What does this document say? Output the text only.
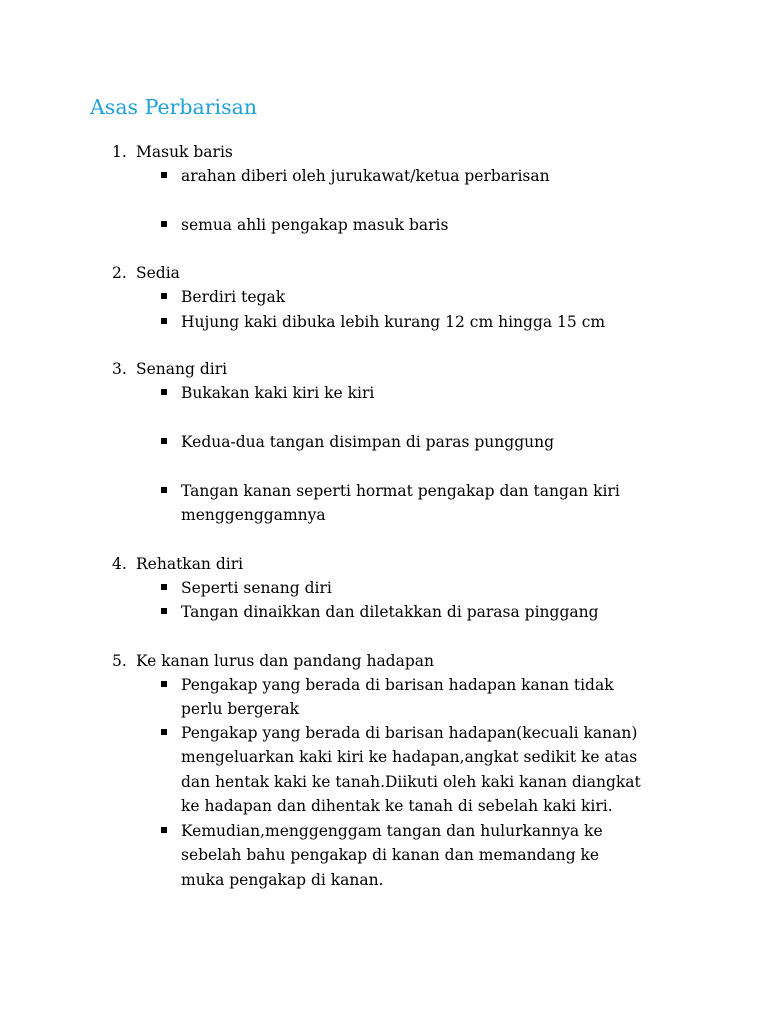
Asas Perbarisan
1. Masuk baris
arahan diberi oleh jurukawat/ketua perbarisan
semua ahli pengakap masuk baris
2. Sedia
Berdiri tegak
Hujung kaki dibuka lebih kurang 12 cm hingga 15 cm
3. Senang diri
Bukakan kaki kiri ke kiri
Kedua-dua tangan disimpan di paras punggung
Tangan kanan seperti hormat pengakap dan tangan kiri
menggenggamnya
4. Rehatkan diri
Seperti senang diri
Tangan dinaikkan dan diletakkan di parasa pinggang
5. Ke kanan lurus dan pandang hadapan
Pengakap yang berada di barisan hadapan kanan tidak
perlu bergerak
Pengakap yang berada di barisan hadapan(kecuali kanan)
mengeluarkan kaki kiri ke hadapan,angkat sedikit ke atas
dan hentak kaki ke tanah.Diikuti oleh kaki kanan diangkat
ke hadapan dan dihentak ke tanah di sebelah kaki kiri.
Kemudian,menggenggam tangan dan hulurkannya ke
sebelah bahu pengakap di kanan dan memandang ke
muka pengakap di kanan.
